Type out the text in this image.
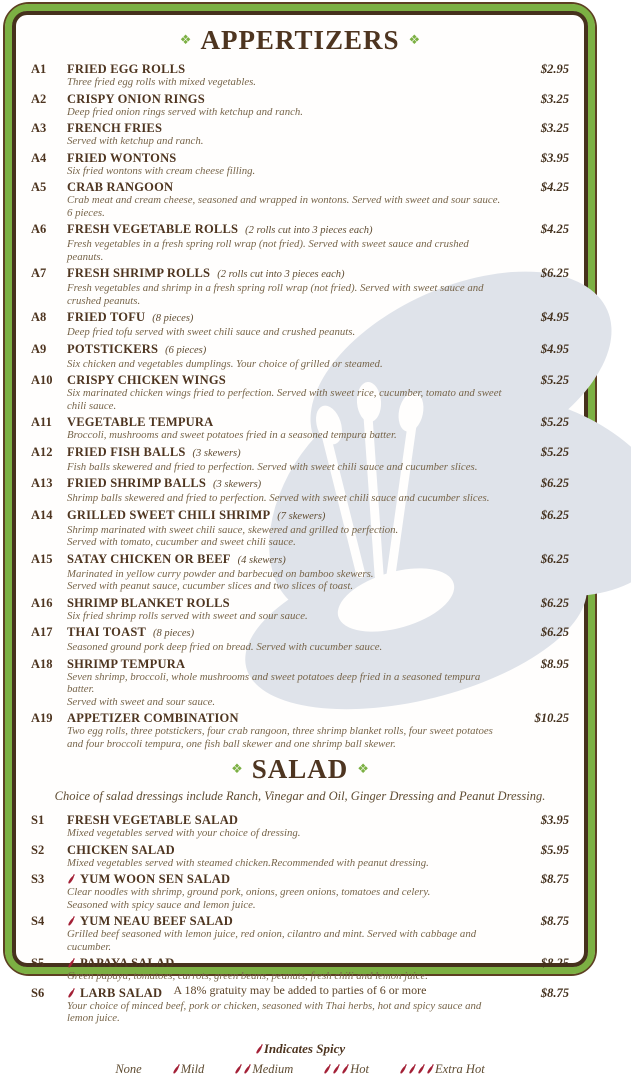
❖ APPERTIZERS ❖
A1	FRIED EGG ROLLS
Three fried egg rolls with mixed vegetables.
$2.95
A2	CRISPY ONION RINGS
Deep fried onion rings served with ketchup and ranch.
$3.25
A3	FRENCH FRIES
Served with ketchup and ranch.
$3.25
A4	FRIED WONTONS
Six fried wontons with cream cheese filling.
$3.95
A5	CRAB RANGOON
Crab meat and cream cheese, seasoned and wrapped in wontons. Served with sweet and sour sauce. 6 pieces.
$4.25
A6	FRESH VEGETABLE ROLLS (2 rolls cut into 3 pieces each)
Fresh vegetables in a fresh spring roll wrap (not fried). Served with sweet sauce and crushed peanuts.
$4.25
A7	FRESH SHRIMP ROLLS (2 rolls cut into 3 pieces each)
Fresh vegetables and shrimp in a fresh spring roll wrap (not fried). Served with sweet sauce and crushed peanuts.
$6.25
A8	FRIED TOFU (8 pieces)
Deep fried tofu served with sweet chili sauce and crushed peanuts.
$4.95
A9	POTSTICKERS (6 pieces)
Six chicken and vegetables dumplings. Your choice of grilled or steamed.
$4.95
A10	CRISPY CHICKEN WINGS
Six marinated chicken wings fried to perfection. Served with sweet rice, cucumber, tomato and sweet chili sauce.
$5.25
A11	VEGETABLE TEMPURA
Broccoli, mushrooms and sweet potatoes fried in a seasoned tempura batter.
$5.25
A12	FRIED FISH BALLS (3 skewers)
Fish balls skewered and fried to perfection. Served with sweet chili sauce and cucumber slices.
$5.25
A13	FRIED SHRIMP BALLS (3 skewers)
Shrimp balls skewered and fried to perfection. Served with sweet chili sauce and cucumber slices.
$6.25
A14	GRILLED SWEET CHILI SHRIMP (7 skewers)
Shrimp marinated with sweet chili sauce, skewered and grilled to perfection.
Served with tomato, cucumber and sweet chili sauce.
$6.25
A15	SATAY CHICKEN OR BEEF (4 skewers)
Marinated in yellow curry powder and barbecued on bamboo skewers.
Served with peanut sauce, cucumber slices and two slices of toast.
$6.25
A16	SHRIMP BLANKET ROLLS
Six fried shrimp rolls served with sweet and sour sauce.
$6.25
A17	THAI TOAST (8 pieces)
Seasoned ground pork deep fried on bread. Served with cucumber sauce.
$6.25
A18	SHRIMP TEMPURA
Seven shrimp, broccoli, whole mushrooms and sweet potatoes deep fried in a seasoned tempura batter.
Served with sweet and sour sauce.
$8.95
A19	APPETIZER COMBINATION
Two egg rolls, three potstickers, four crab rangoon, three shrimp blanket rolls, four sweet potatoes
and four broccoli tempura, one fish ball skewer and one shrimp ball skewer.
$10.25
❖ SALAD ❖

Choice of salad dressings include Ranch, Vinegar and Oil, Ginger Dressing and Peanut Dressing.

S1	FRESH VEGETABLE SALAD
Mixed vegetables served with your choice of dressing.
$3.95
S2	CHICKEN SALAD
Mixed vegetables served with steamed chicken.Recommended with peanut dressing.
$5.95
S3	YUM WOON SEN SALAD
Clear noodles with shrimp, ground pork, onions, green onions, tomatoes and celery.
Seasoned with spicy sauce and lemon juice.
$8.75
S4	YUM NEAU BEEF SALAD
Grilled beef seasoned with lemon juice, red onion, cilantro and mint. Served with cabbage and cucumber.
$8.75
S5	PAPAYA SALAD
Green papaya, tomatoes, carrots, green beans, peanuts, fresh chili and lemon juice.
$8.25
S6	LARB SALAD
Your choice of minced beef, pork or chicken, seasoned with Thai herbs, hot and spicy sauce and lemon juice.
$8.75
Indicates Spicy
None	Mild	Medium	Hot	Extra Hot
A 18% gratuity may be added to parties of 6 or more
